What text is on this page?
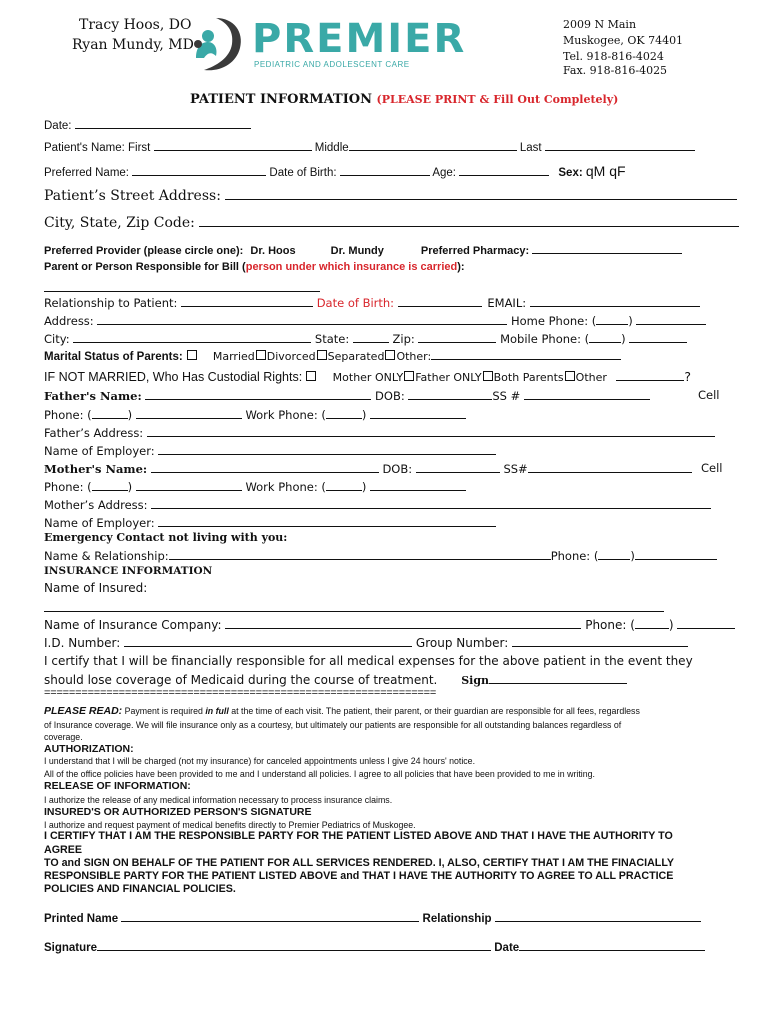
Tracy Hoos, DO
Ryan Mundy, MD PREMIER
PEDIATRIC AND ADOLESCENT CARE
2009 N Main
Muskogee, OK 74401
Tel. 918-816-4024
Fax. 918-816-4025
PATIENT INFORMATION (PLEASE PRINT & Fill Out Completely)
Date:
Patient's Name: First	Middle	Last
Preferred Name:	Date of Birth:	Age:	Sex: qM qF
Patient’s Street Address:
City, State, Zip Code:
Preferred Provider (please circle one): Dr. Hoos	Dr. Mundy	Preferred Pharmacy:
Parent or Person Responsible for Bill (person under which insurance is carried):
Relationship to Patient:	Date of Birth:	EMAIL:
Address:	Home Phone: (	)
City:	State:	Zip:	Mobile Phone: (	)
Marital Status of Parents:	Married Divorced Separated Other:
IF NOT MARRIED, Who Has Custodial Rights:	Mother ONLY Father ONLY Both Parents Other	?
Father's Name:	DOB:	SS #	Cell
Phone: (	)	Work Phone: (	)
Father’s Address:
Name of Employer:
Mother's Name:	DOB:	SS#	Cell
Phone: (	)	Work Phone: (	)
Mother’s Address:
Name of Employer:
Emergency Contact not living with you:
Name & Relationship:	Phone: (	)
INSURANCE INFORMATION
Name of Insured:
Name of Insurance Company:	Phone: (	)
I.D. Number:	Group Number:
I certify that I will be financially responsible for all medical expenses for the above patient in the event they
should lose coverage of Medicaid during the course of treatment. Sign
===============================================================
PLEASE READ: Payment is required in full at the time of each visit. The patient, their parent, or their guardian are responsible for all fees, regardless
of Insurance coverage. We will file insurance only as a courtesy, but ultimately our patients are responsible for all outstanding balances regardless of
coverage.
AUTHORIZATION:
I understand that I will be charged (not my insurance) for canceled appointments unless I give 24 hours' notice.
All of the office policies have been provided to me and I understand all policies. I agree to all policies that have been provided to me in writing.
RELEASE OF INFORMATION:
I authorize the release of any medical information necessary to process insurance claims.
INSURED'S OR AUTHORIZED PERSON'S SIGNATURE
I authorize and request payment of medical benefits directly to Premier Pediatrics of Muskogee.
I CERTIFY THAT I AM THE RESPONSIBLE PARTY FOR THE PATIENT LISTED ABOVE AND THAT I HAVE THE AUTHORITY TO
AGREE
TO and SIGN ON BEHALF OF THE PATIENT FOR ALL SERVICES RENDERED. I, ALSO, CERTIFY THAT I AM THE FINACIALLY
RESPONSIBLE PARTY FOR THE PATIENT LISTED ABOVE and THAT I HAVE THE AUTHORITY TO AGREE TO ALL PRACTICE
POLICIES AND FINANCIAL POLICIES.
Printed Name	Relationship
Signature	Date
